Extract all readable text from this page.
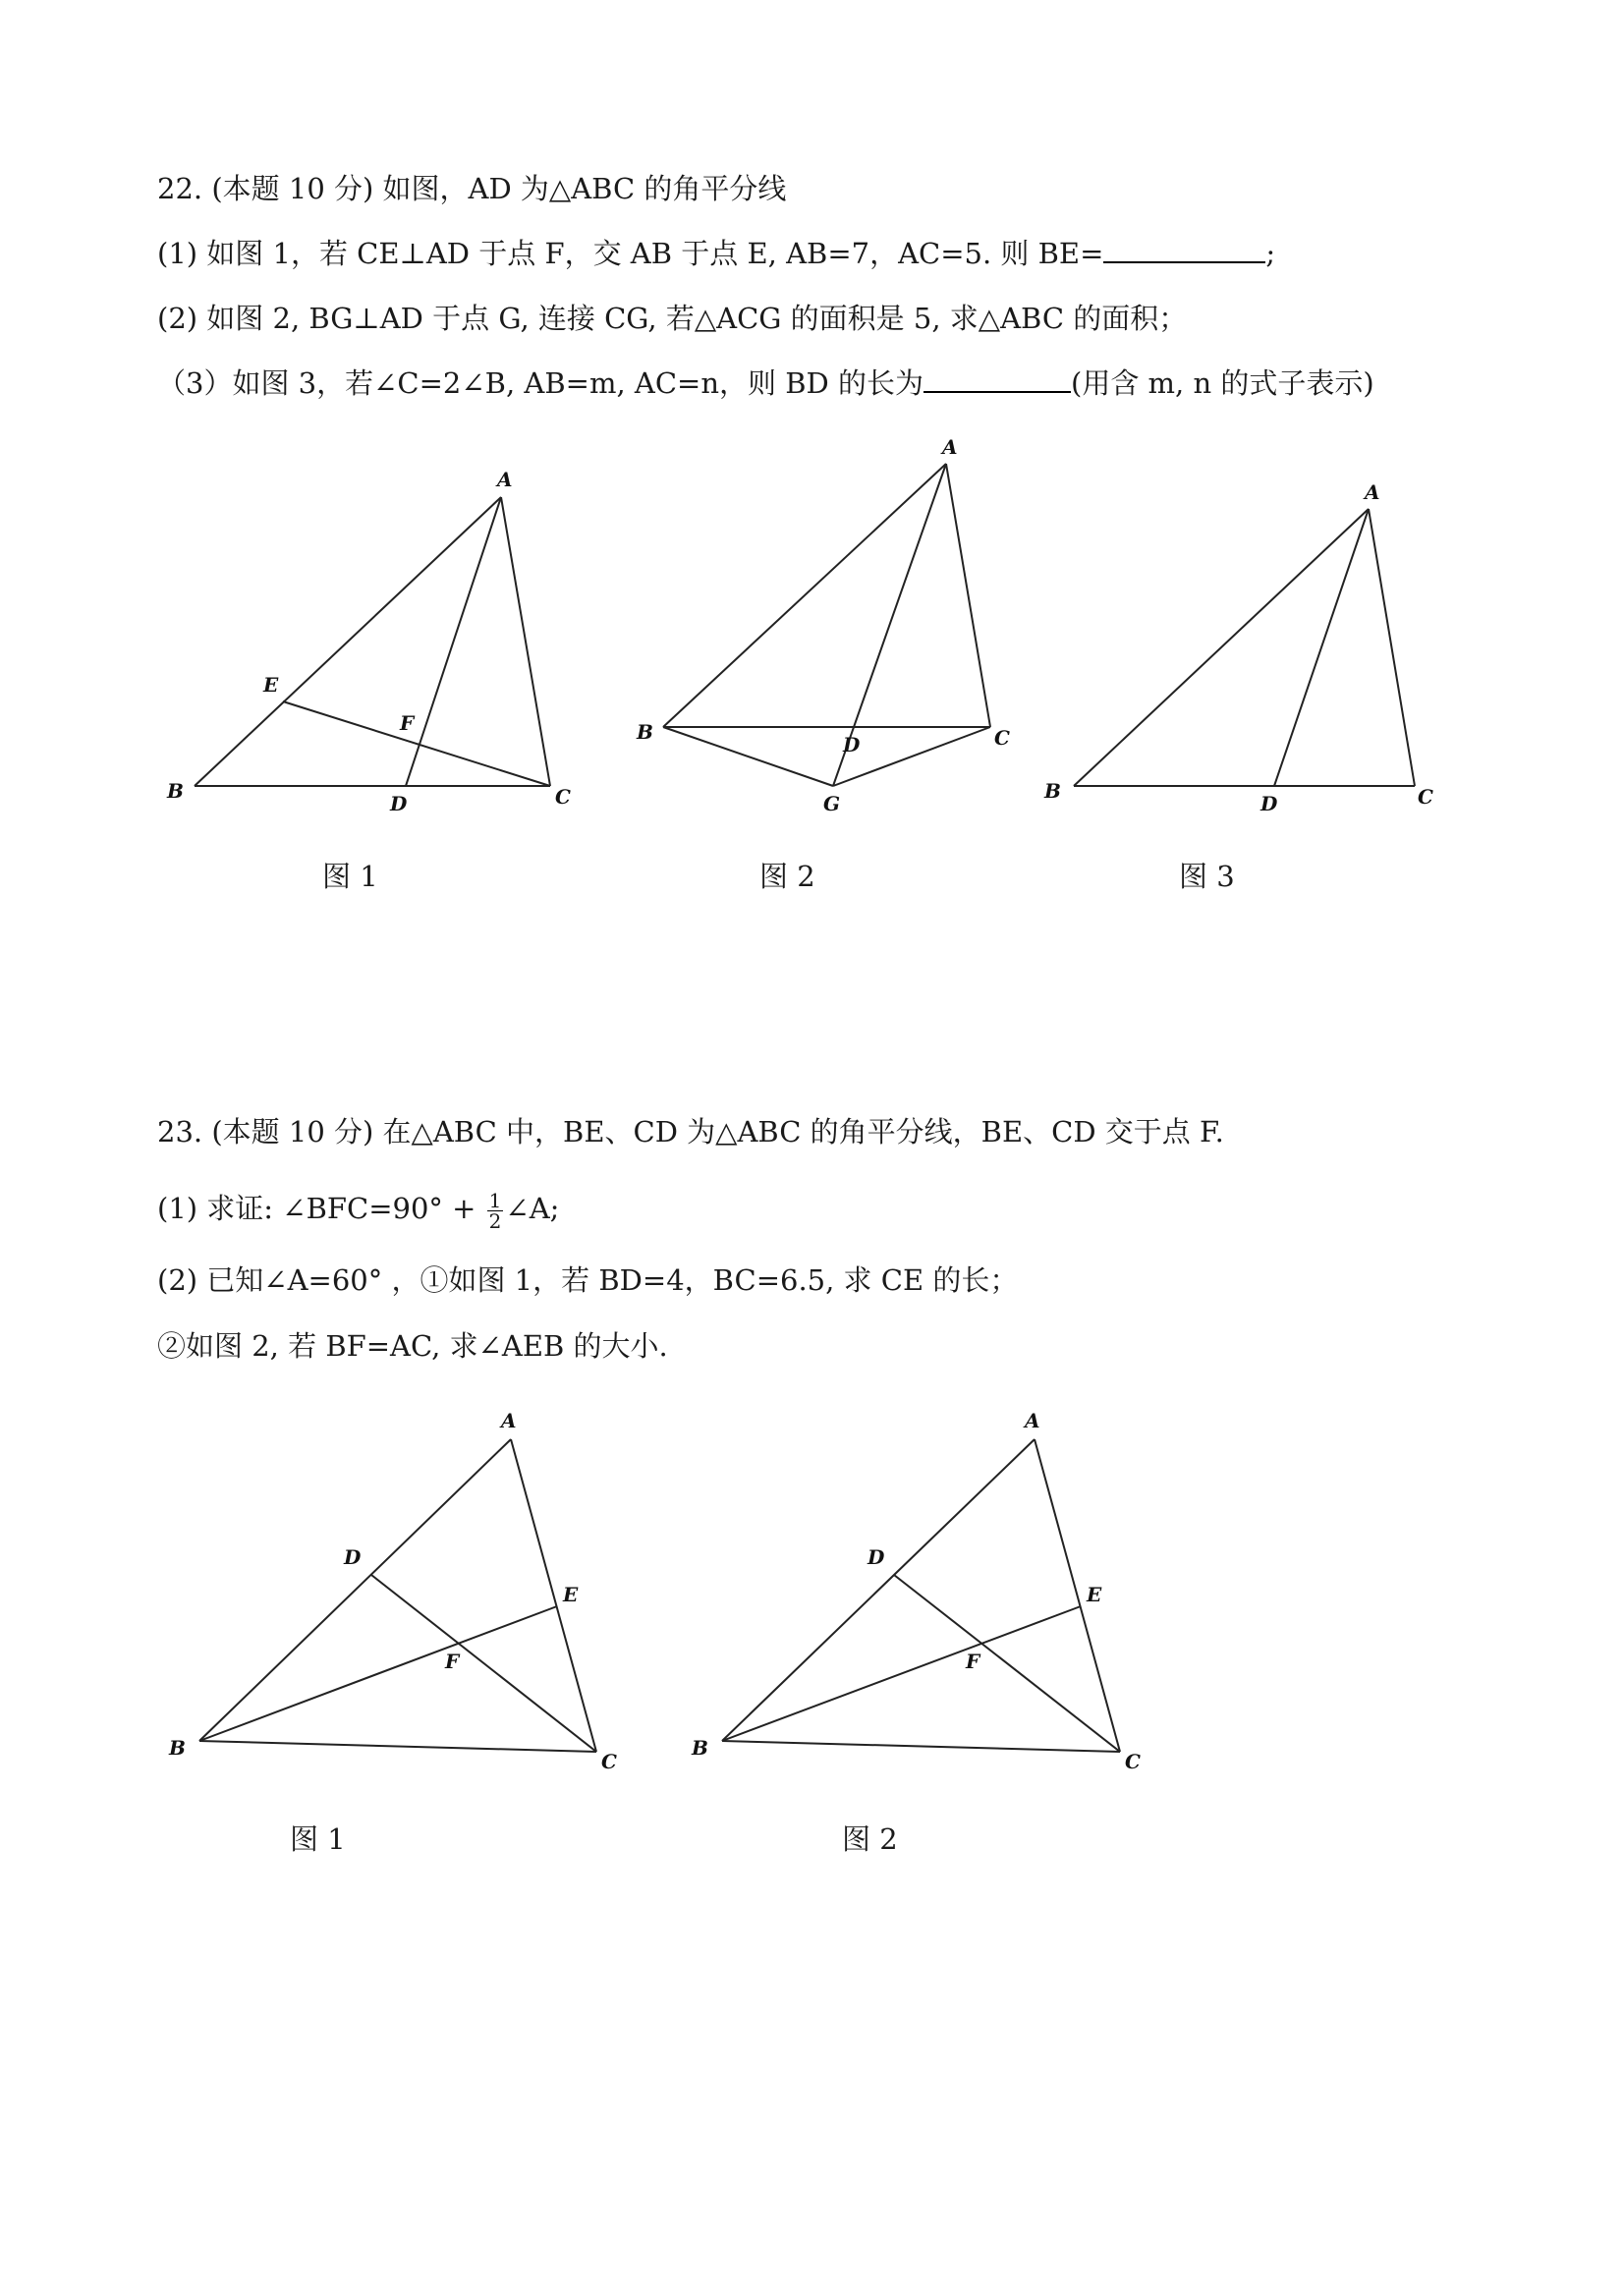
22. (本题 10 分) 如图，AD 为△ABC 的角平分线
(1) 如图 1，若 CE⊥AD 于点 F，交 AB 于点 E, AB=7，AC=5. 则 BE=	;
(2) 如图 2, BG⊥AD 于点 G, 连接 CG, 若△ACG 的面积是 5, 求△ABC 的面积；
（3）如图 3，若∠C=2∠B, AB=m, AC=n，则 BD 的长为	(用含 m, n 的式子表示)
A
B	C
D
E
F
A
B	C
D
G
A
B	C
D
图 1	图 2	图 3
23. (本题 10 分) 在△ABC 中，BE、CD 为△ABC 的角平分线，BE、CD 交于点 F.
(1) 求证: ∠BFC=90° + $\frac{1}{2}$ ∠A;
(2) 已知∠A=60° ，①如图 1，若 BD=4，BC=6.5, 求 CE 的长；
②如图 2, 若 BF=AC, 求∠AEB 的大小.
A
B
C
D
E
F
A
B
C
D
E
F
图 1	图 2
